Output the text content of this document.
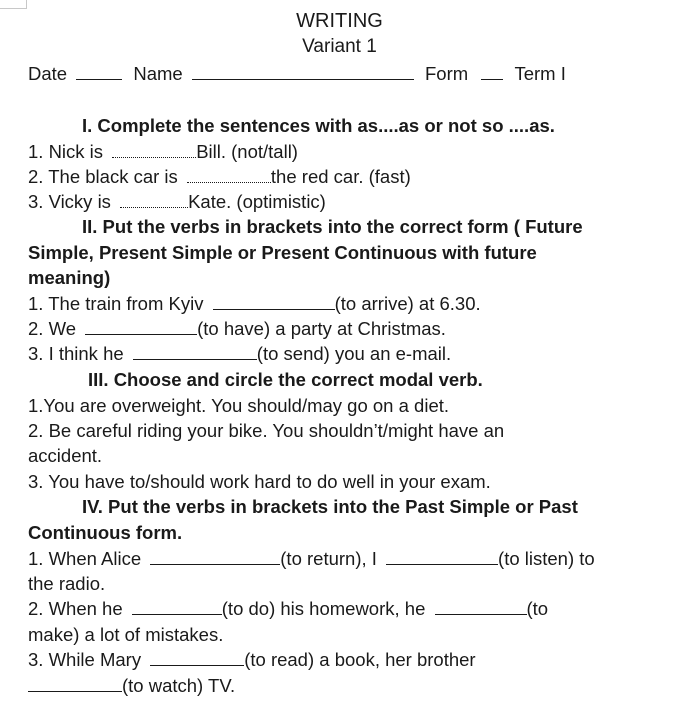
WRITING
Variant 1
Date	Name	Form	Term I
I. Complete the sentences with as....as or not so ....as.
1. Nick is	Bill. (not/tall)
2. The black car is	the red car. (fast)
3. Vicky is	Kate. (optimistic)
II. Put the verbs in brackets into the correct form ( Future
Simple, Present Simple or Present Continuous with future
meaning)
1. The train from Kyiv	(to arrive) at 6.30.
2. We	(to have) a party at Christmas.
3. I think he	(to send) you an e-mail.
III. Choose and circle the correct modal verb.
1.You are overweight. You should/may go on a diet.
2. Be careful riding your bike. You shouldn’t/might have an
accident.
3. You have to/should work hard to do well in your exam.
IV. Put the verbs in brackets into the Past Simple or Past
Continuous form.
1. When Alice	(to return), I	(to listen) to
the radio.
2. When he	(to do) his homework, he	(to
make) a lot of mistakes.
3. While Mary	(to read) a book, her brother
(to watch) TV.
